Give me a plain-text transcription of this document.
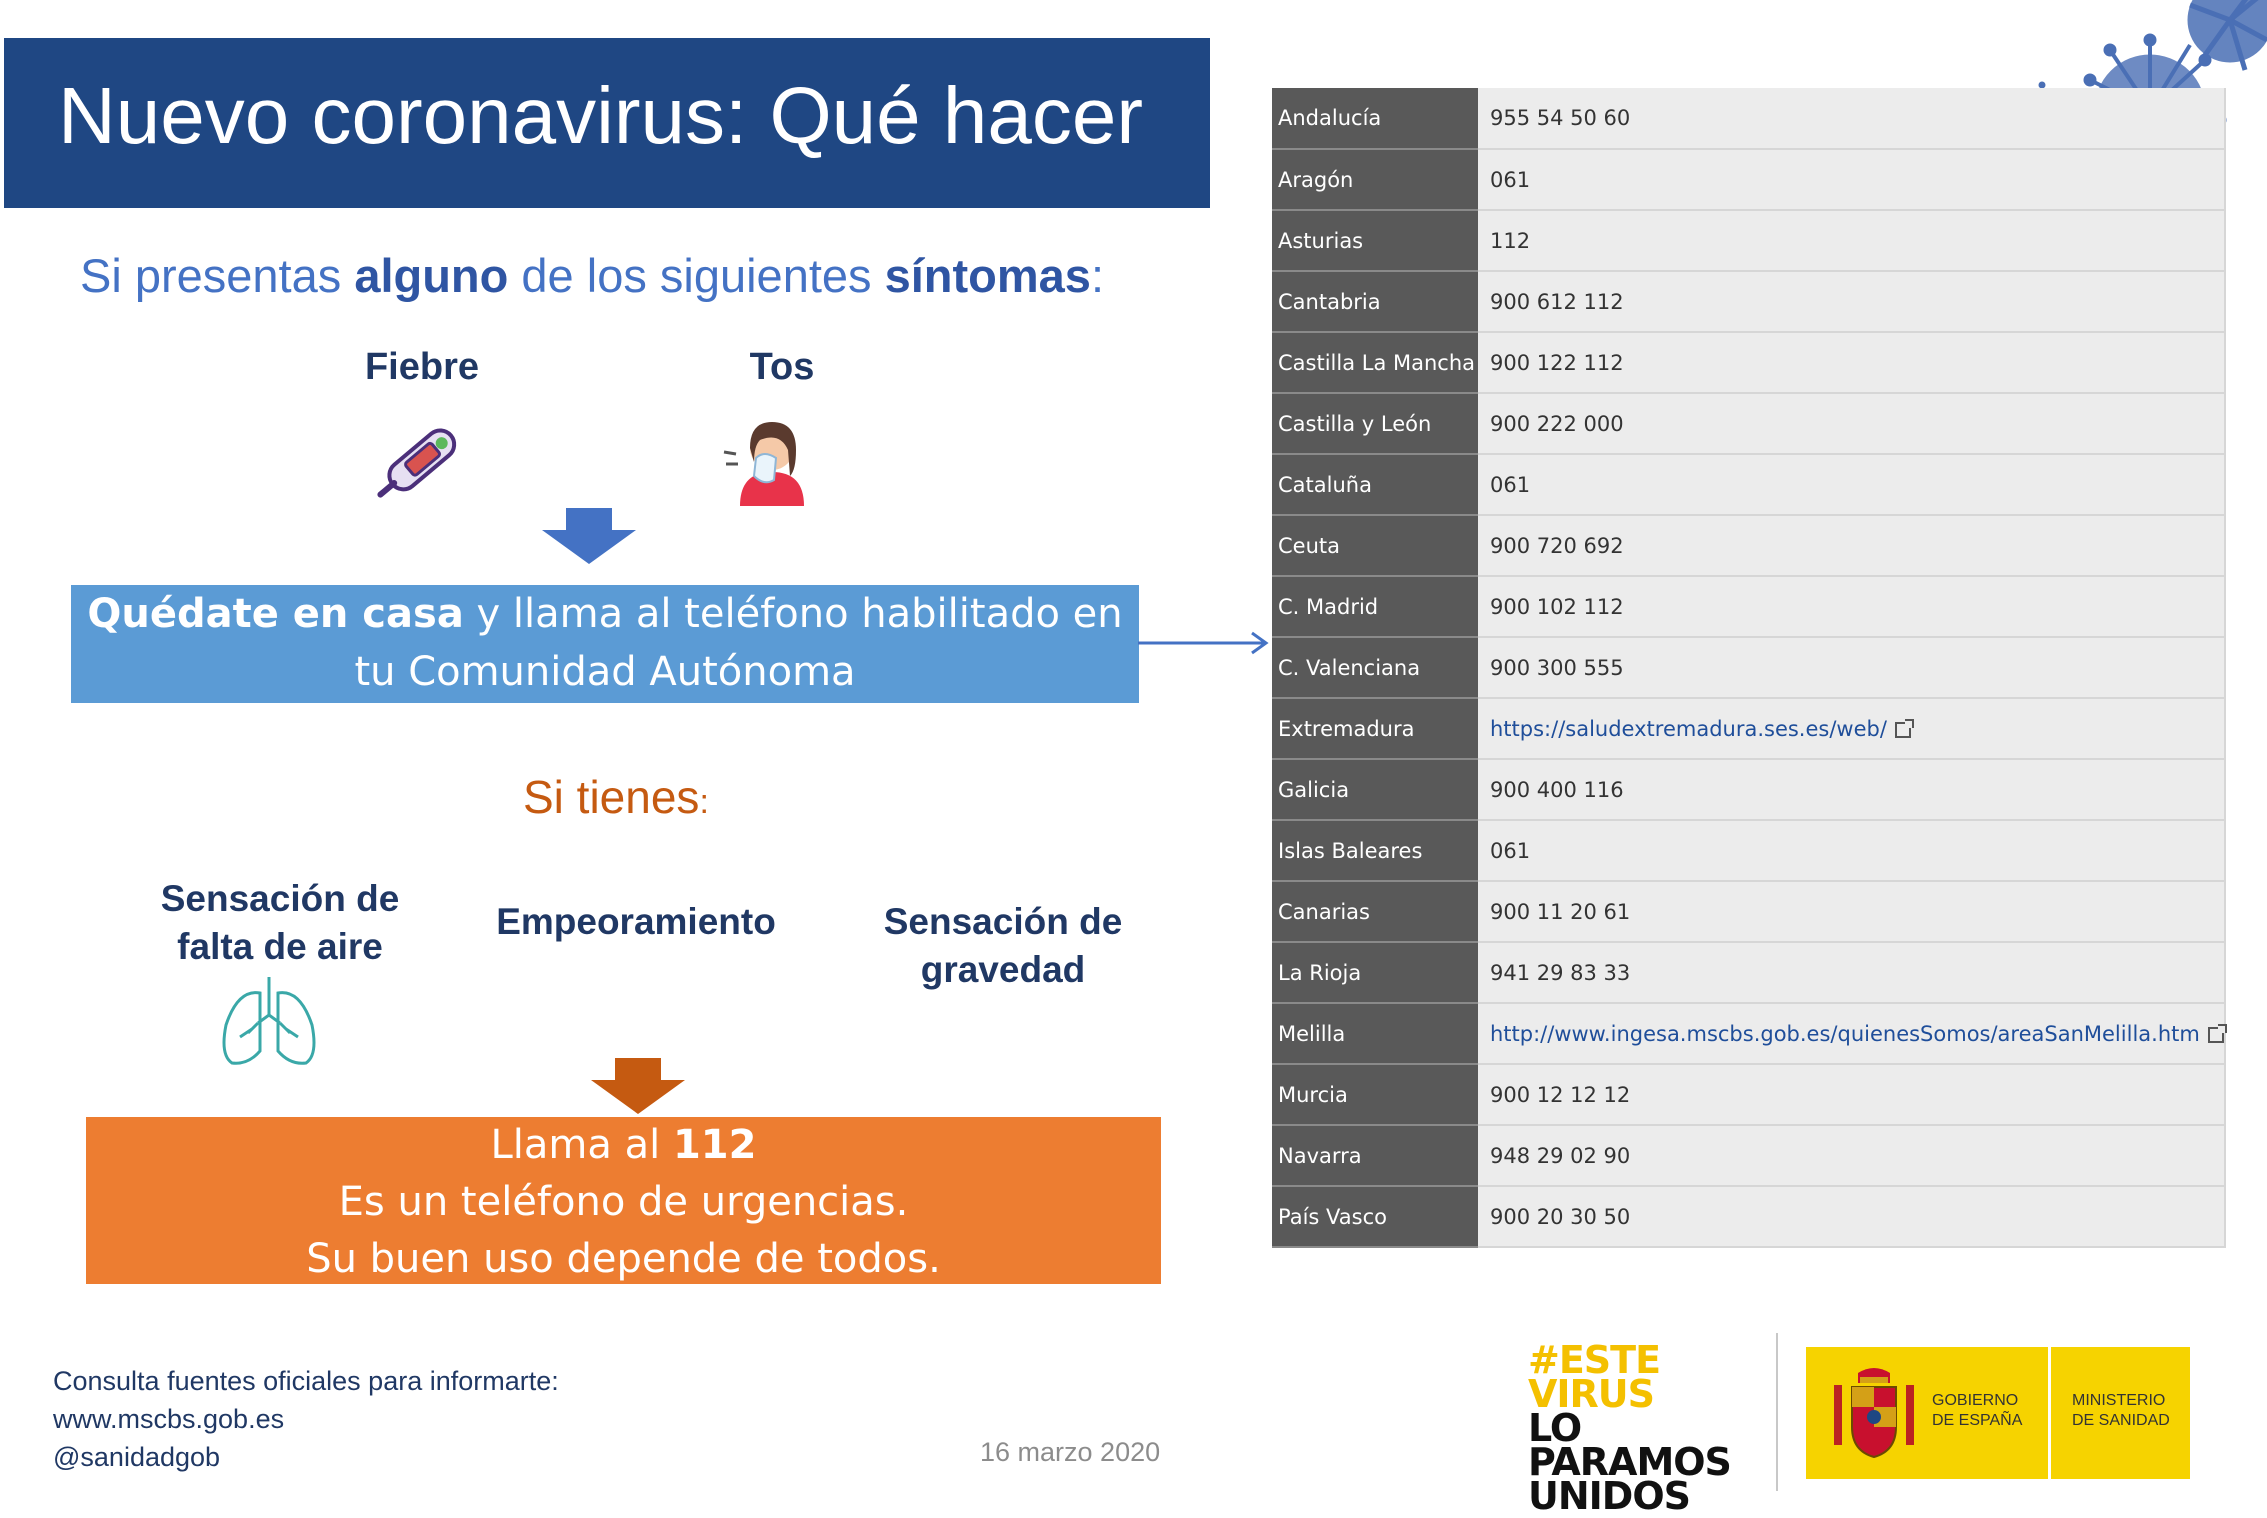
Nuevo coronavirus: Qué hacer
Si presentas alguno de los siguientes síntomas:
Fiebre	Tos
Quédate en casa y llama al teléfono habilitado en
tu Comunidad Autónoma
Si tienes:
Sensación de
falta de aire
Empeoramiento	Sensación de
gravedad
Llama al 112
Es un teléfono de urgencias.
Su buen uso depende de todos.
Andalucía	955 54 50 60
Aragón	061
Asturias	112
Cantabria	900 612 112
Castilla La Mancha	900 122 112
Castilla y León	900 222 000
Cataluña	061
Ceuta	900 720 692
C. Madrid	900 102 112
C. Valenciana	900 300 555
Extremadura	https://saludextremadura.ses.es/web/
Galicia	900 400 116
Islas Baleares	061
Canarias	900 11 20 61
La Rioja	941 29 83 33
Melilla	http://www.ingesa.mscbs.gob.es/quienesSomos/areaSanMelilla.htm
Murcia	900 12 12 12
Navarra	948 29 02 90
País Vasco	900 20 30 50
Consulta fuentes oficiales para informarte:
www.mscbs.gob.es
@sanidadgob	16 marzo 2020
#ESTE
VIRUS
LO
PARAMOS
UNIDOS
GOBIERNO
DE ESPAÑA
MINISTERIO
DE SANIDAD
